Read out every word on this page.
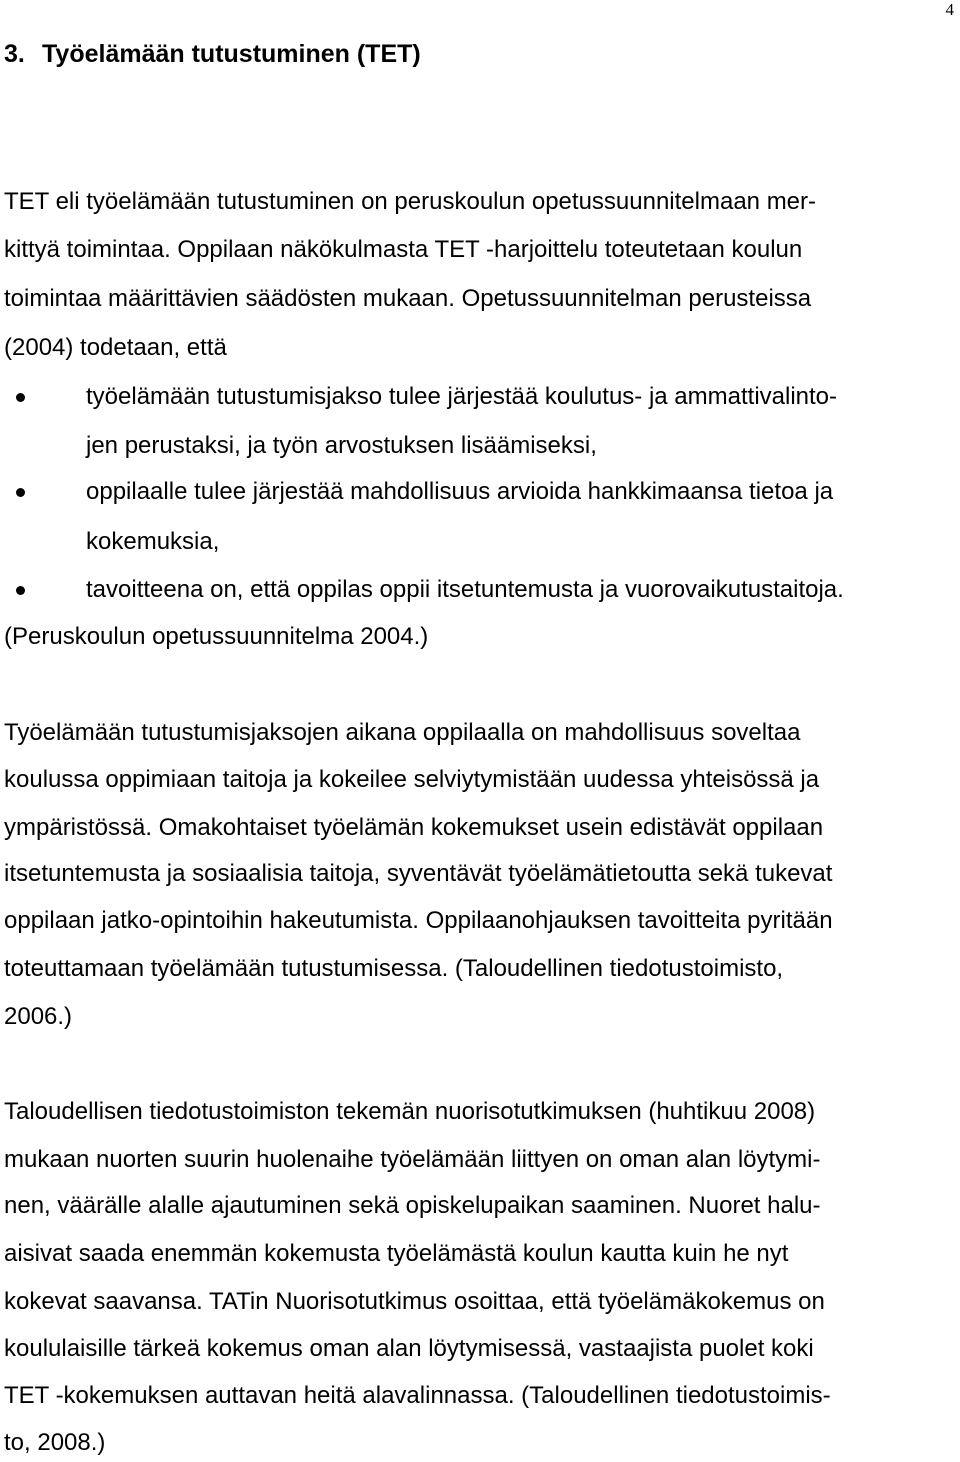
4
3. Työelämään tutustuminen (TET)
TET eli työelämään tutustuminen on peruskoulun opetussuunnitelmaan mer-
kittyä toimintaa. Oppilaan näkökulmasta TET -harjoittelu toteutetaan koulun
toimintaa määrittävien säädösten mukaan. Opetussuunnitelman perusteissa
(2004) todetaan, että
työelämään tutustumisjakso tulee järjestää koulutus- ja ammattivalinto-
jen perustaksi, ja työn arvostuksen lisäämiseksi,
oppilaalle tulee järjestää mahdollisuus arvioida hankkimaansa tietoa ja
kokemuksia,
tavoitteena on, että oppilas oppii itsetuntemusta ja vuorovaikutustaitoja.
(Peruskoulun opetussuunnitelma 2004.)
Työelämään tutustumisjaksojen aikana oppilaalla on mahdollisuus soveltaa
koulussa oppimiaan taitoja ja kokeilee selviytymistään uudessa yhteisössä ja
ympäristössä. Omakohtaiset työelämän kokemukset usein edistävät oppilaan
itsetuntemusta ja sosiaalisia taitoja, syventävät työelämätietoutta sekä tukevat
oppilaan jatko-opintoihin hakeutumista. Oppilaanohjauksen tavoitteita pyritään
toteuttamaan työelämään tutustumisessa. (Taloudellinen tiedotustoimisto,
2006.)
Taloudellisen tiedotustoimiston tekemän nuorisotutkimuksen (huhtikuu 2008)
mukaan nuorten suurin huolenaihe työelämään liittyen on oman alan löytymi-
nen, väärälle alalle ajautuminen sekä opiskelupaikan saaminen. Nuoret halu-
aisivat saada enemmän kokemusta työelämästä koulun kautta kuin he nyt
kokevat saavansa. TATin Nuorisotutkimus osoittaa, että työelämäkokemus on
koululaisille tärkeä kokemus oman alan löytymisessä, vastaajista puolet koki
TET -kokemuksen auttavan heitä alavalinnassa. (Taloudellinen tiedotustoimis-
to, 2008.)
